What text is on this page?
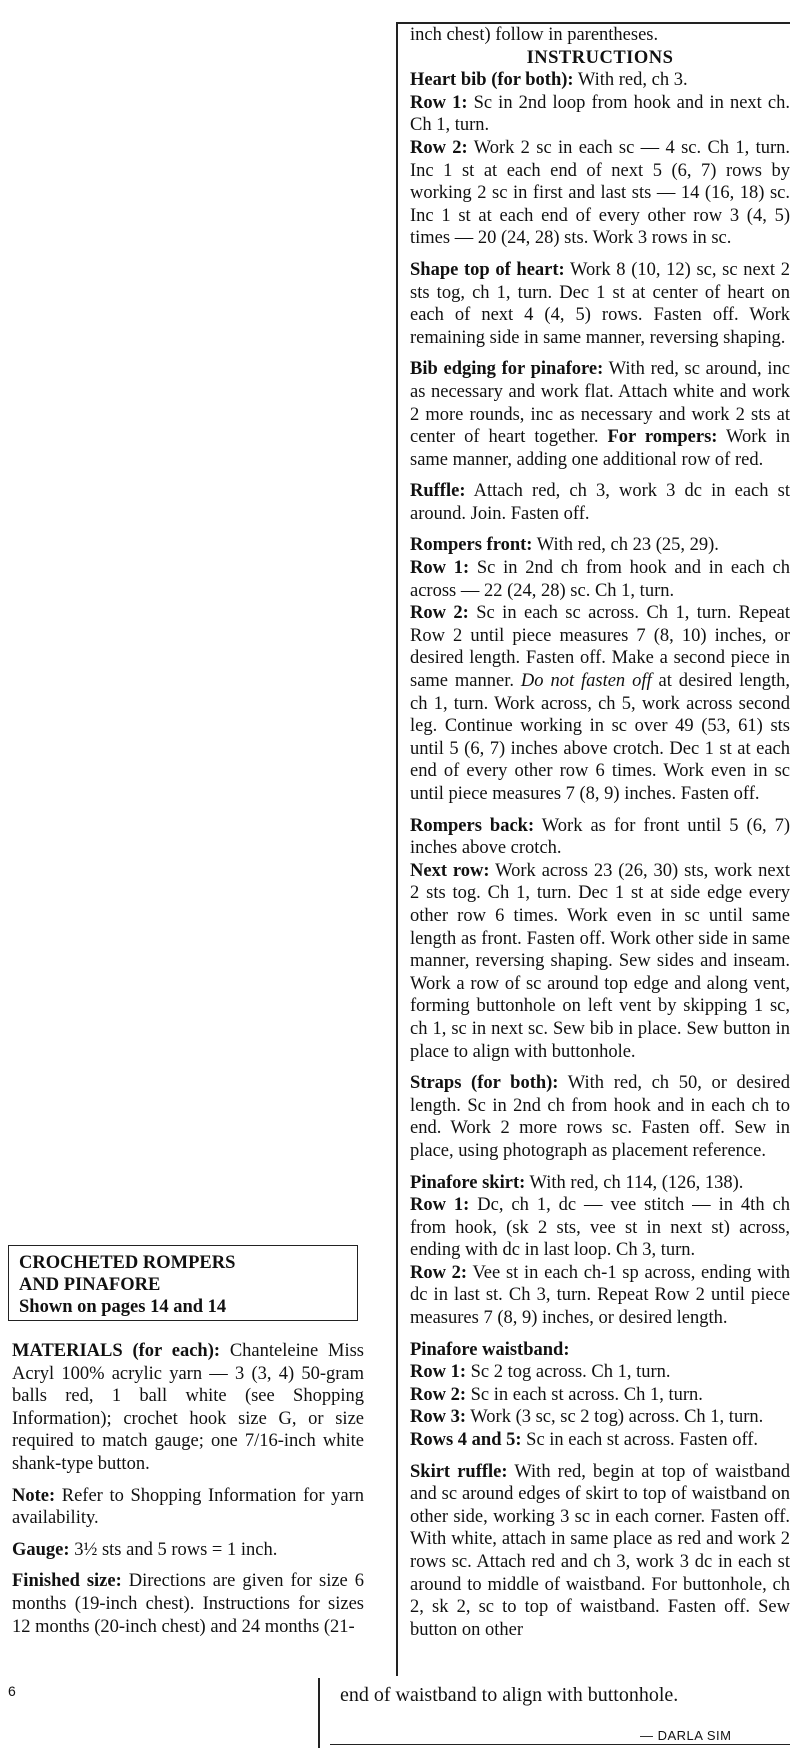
inch chest) follow in parentheses.

INSTRUCTIONS

Heart bib (for both): With red, ch 3.

Row 1: Sc in 2nd loop from hook and in next ch. Ch 1, turn.

Row 2: Work 2 sc in each sc — 4 sc. Ch 1, turn. Inc 1 st at each end of next 5 (6, 7) rows by working 2 sc in first and last sts — 14 (16, 18) sc. Inc 1 st at each end of every other row 3 (4, 5) times — 20 (24, 28) sts. Work 3 rows in sc.

Shape top of heart: Work 8 (10, 12) sc, sc next 2 sts tog, ch 1, turn. Dec 1 st at center of heart on each of next 4 (4, 5) rows. Fasten off. Work remaining side in same manner, reversing shaping.

Bib edging for pinafore: With red, sc around, inc as necessary and work flat. Attach white and work 2 more rounds, inc as necessary and work 2 sts at center of heart together. For rompers: Work in same manner, adding one additional row of red.

Ruffle: Attach red, ch 3, work 3 dc in each st around. Join. Fasten off.

Rompers front: With red, ch 23 (25, 29).

Row 1: Sc in 2nd ch from hook and in each ch across — 22 (24, 28) sc. Ch 1, turn.

Row 2: Sc in each sc across. Ch 1, turn. Repeat Row 2 until piece measures 7 (8, 10) inches, or desired length. Fasten off. Make a second piece in same manner. Do not fasten off at desired length, ch 1, turn. Work across, ch 5, work across second leg. Continue working in sc over 49 (53, 61) sts until 5 (6, 7) inches above crotch. Dec 1 st at each end of every other row 6 times. Work even in sc until piece measures 7 (8, 9) inches. Fasten off.

Rompers back: Work as for front until 5 (6, 7) inches above crotch.

Next row: Work across 23 (26, 30) sts, work next 2 sts tog. Ch 1, turn. Dec 1 st at side edge every other row 6 times. Work even in sc until same length as front. Fasten off. Work other side in same manner, reversing shaping. Sew sides and inseam. Work a row of sc around top edge and along vent, forming buttonhole on left vent by skipping 1 sc, ch 1, sc in next sc. Sew bib in place. Sew button in place to align with buttonhole.

Straps (for both): With red, ch 50, or desired length. Sc in 2nd ch from hook and in each ch to end. Work 2 more rows sc. Fasten off. Sew in place, using photograph as placement reference.

Pinafore skirt: With red, ch 114, (126, 138).

Row 1: Dc, ch 1, dc — vee stitch — in 4th ch from hook, (sk 2 sts, vee st in next st) across, ending with dc in last loop. Ch 3, turn.

Row 2: Vee st in each ch-1 sp across, ending with dc in last st. Ch 3, turn. Repeat Row 2 until piece measures 7 (8, 9) inches, or desired length.

Pinafore waistband:

Row 1: Sc 2 tog across. Ch 1, turn.

Row 2: Sc in each st across. Ch 1, turn.

Row 3: Work (3 sc, sc 2 tog) across. Ch 1, turn.

Rows 4 and 5: Sc in each st across. Fasten off.

Skirt ruffle: With red, begin at top of waistband and sc around edges of skirt to top of waistband on other side, working 3 sc in each corner. Fasten off. With white, attach in same place as red and work 2 rows sc. Attach red and ch 3, work 3 dc in each st around to middle of waistband. For buttonhole, ch 2, sk 2, sc to top of waistband. Fasten off. Sew button on other

CROCHETED ROMPERS
AND PINAFORE
Shown on pages 14 and 14

MATERIALS (for each): Chanteleine Miss Acryl 100% acrylic yarn — 3 (3, 4) 50-gram balls red, 1 ball white (see Shopping Information); crochet hook size G, or size required to match gauge; one 7/16-inch white shank-type button.

Note: Refer to Shopping Information for yarn availability.

Gauge: 3½ sts and 5 rows = 1 inch.

Finished size: Directions are given for size 6 months (19-inch chest). Instructions for sizes 12 months (20-inch chest) and 24 months (21-

6	end of waistband to align with buttonhole.
— DARLA SIM
